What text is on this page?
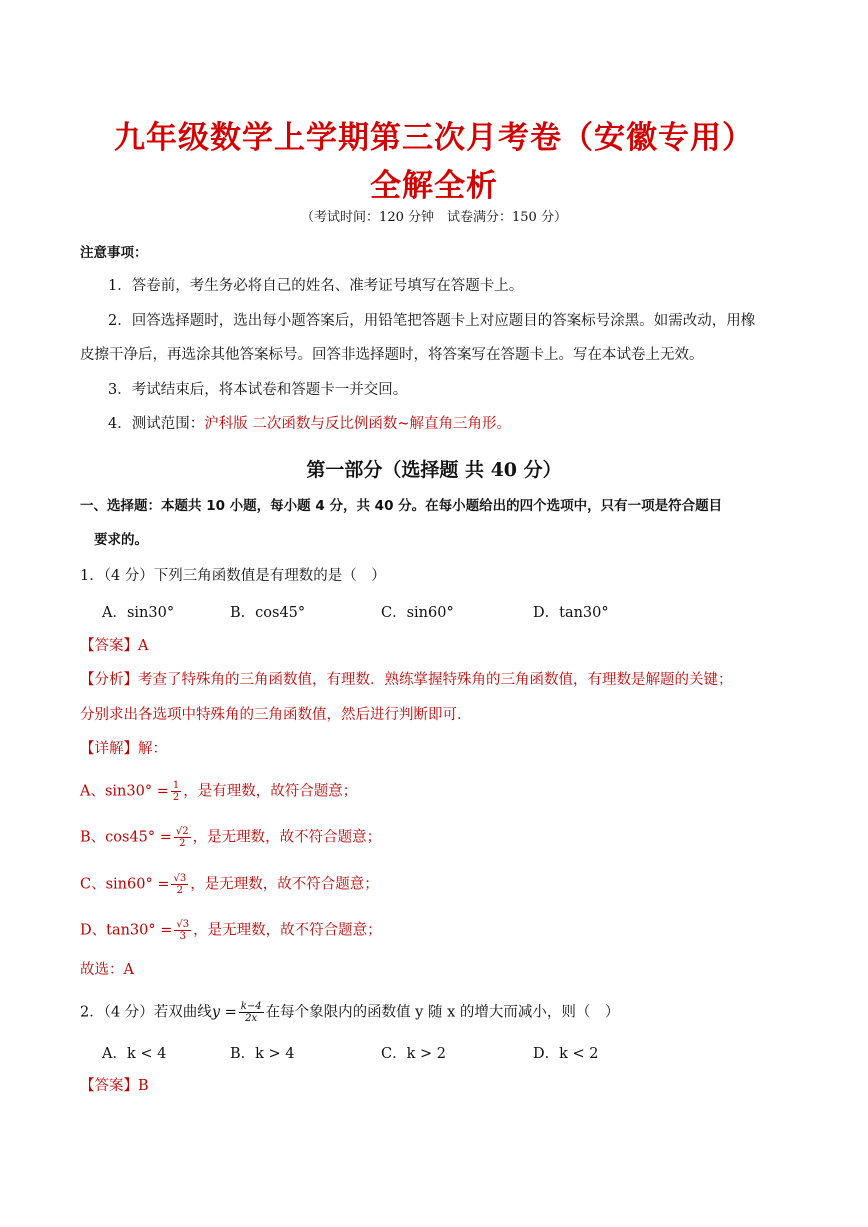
九年级数学上学期第三次月考卷（安徽专用）
全解全析
（考试时间：120 分钟　试卷满分：150 分）
注意事项：
1．答卷前，考生务必将自己的姓名、准考证号填写在答题卡上。
2．回答选择题时，选出每小题答案后，用铅笔把答题卡上对应题目的答案标号涂黑。如需改动，用橡
皮擦干净后，再选涂其他答案标号。回答非选择题时，将答案写在答题卡上。写在本试卷上无效。
3．考试结束后，将本试卷和答题卡一并交回。
4．测试范围：沪科版 二次函数与反比例函数~解直角三角形。
第一部分（选择题 共 40 分）
一、选择题：本题共 10 小题，每小题 4 分，共 40 分。在每小题给出的四个选项中，只有一项是符合题目
要求的。
1．（4 分）下列三角函数值是有理数的是（　）
A．sin30°	B．cos45°	C．sin60°	D．tan30°
【答案】A
【分析】考查了特殊角的三角函数值，有理数．熟练掌握特殊角的三角函数值，有理数是解题的关键；
分别求出各选项中特殊角的三角函数值，然后进行判断即可．
【详解】解：
A、$\sin 30^\circ = \frac{1}{2}$ ，是有理数，故符合题意；
B、$\cos 45^\circ = \frac{√2}{2}$ ，是无理数，故不符合题意；
C、$\sin 60^\circ = \frac{√3}{2}$ ，是无理数，故不符合题意；
D、$\tan 30^\circ = \frac{√3}{3}$ ，是无理数，故不符合题意；
故选：A
2．（4 分）若双曲线$y = \frac{k-4}{2x}$ 在每个象限内的函数值 y 随 x 的增大而减小，则（　）
A．k < 4	B．k > 4	C．k > 2	D．k < 2
【答案】B
